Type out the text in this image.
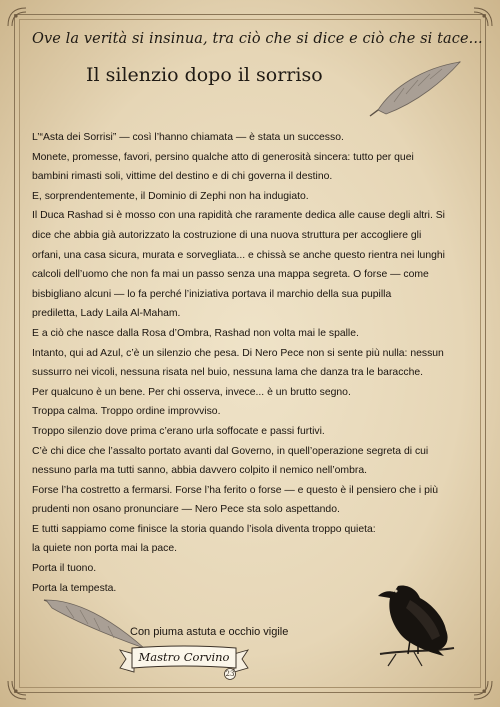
Ove la verità si insinua, tra ciò che si dice e ciò che si tace...
Il silenzio dopo il sorriso

L’“Asta dei Sorrisi” — così l’hanno chiamata — è stata un successo.

Monete, promesse, favori, persino qualche atto di generosità sincera: tutto per quei

bambini rimasti soli, vittime del destino e di chi governa il destino.

E, sorprendentemente, il Dominio di Zephi non ha indugiato.

Il Duca Rashad si è mosso con una rapidità che raramente dedica alle cause degli altri. Si

dice che abbia già autorizzato la costruzione di una nuova struttura per accogliere gli

orfani, una casa sicura, murata e sorvegliata... e chissà se anche questo rientra nei lunghi

calcoli dell’uomo che non fa mai un passo senza una mappa segreta. O forse — come

bisbigliano alcuni — lo fa perché l’iniziativa portava il marchio della sua pupilla

prediletta, Lady Laila Al-Maham.

E a ciò che nasce dalla Rosa d’Ombra, Rashad non volta mai le spalle.

Intanto, qui ad Azul, c’è un silenzio che pesa. Di Nero Pece non si sente più nulla: nessun

sussurro nei vicoli, nessuna risata nel buio, nessuna lama che danza tra le baracche.

Per qualcuno è un bene. Per chi osserva, invece... è un brutto segno.

Troppa calma. Troppo ordine improvviso.

Troppo silenzio dove prima c’erano urla soffocate e passi furtivi.

C’è chi dice che l’assalto portato avanti dal Governo, in quell’operazione segreta di cui

nessuno parla ma tutti sanno, abbia davvero colpito il nemico nell’ombra.

Forse l’ha costretto a fermarsi. Forse l’ha ferito o forse — e questo è il pensiero che i più

prudenti non osano pronunciare — Nero Pece sta solo aspettando.

E tutti sappiamo come finisce la storia quando l’isola diventa troppo quieta:

la quiete non porta mai la pace.

Porta il tuono.

Porta la tempesta.

Con piuma astuta e occhio vigile
Mastro Corvino
23
